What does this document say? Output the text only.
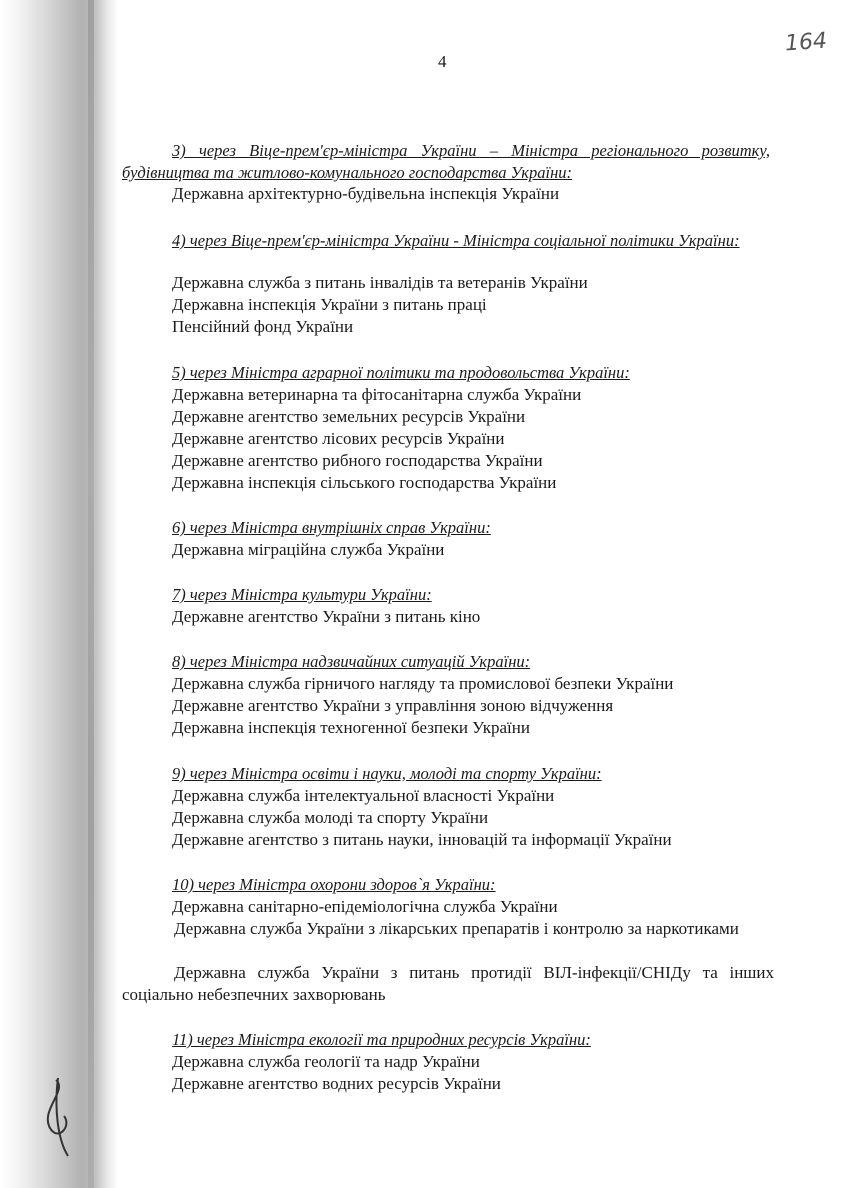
4
164
3) через Віце-прем'єр-міністра України – Міністра регіонального розвитку, будівництва та житлово-комунального господарства України:
Державна архітектурно-будівельна інспекція України
4) через Віце-прем'єр-міністра України - Міністра соціальної політики України:
Державна служба з питань інвалідів та ветеранів України
Державна інспекція України з питань праці
Пенсійний фонд України
5) через Міністра аграрної політики та продовольства України:
Державна ветеринарна та фітосанітарна служба України
Державне агентство земельних ресурсів України
Державне агентство лісових ресурсів України
Державне агентство рибного господарства України
Державна інспекція сільського господарства України
6) через Міністра внутрішніх справ України:
Державна міграційна служба України
7) через Міністра культури України:
Державне агентство України з питань кіно
8) через Міністра надзвичайних ситуацій України:
Державна служба гірничого нагляду та промислової безпеки України
Державне агентство України з управління зоною відчуження
Державна інспекція техногенної безпеки України
9) через Міністра освіти і науки, молоді та спорту України:
Державна служба інтелектуальної власності України
Державна служба молоді та спорту України
Державне агентство з питань науки, інновацій та інформації України
10) через Міністра охорони здоров`я України:
Державна санітарно-епідеміологічна служба України
Державна служба України з лікарських препаратів і контролю за наркотиками
Державна служба України з питань протидії ВІЛ-інфекції/СНІДу та інших соціально небезпечних захворювань
11) через Міністра екології та природних ресурсів України:
Державна служба геології та надр України
Державне агентство водних ресурсів України
